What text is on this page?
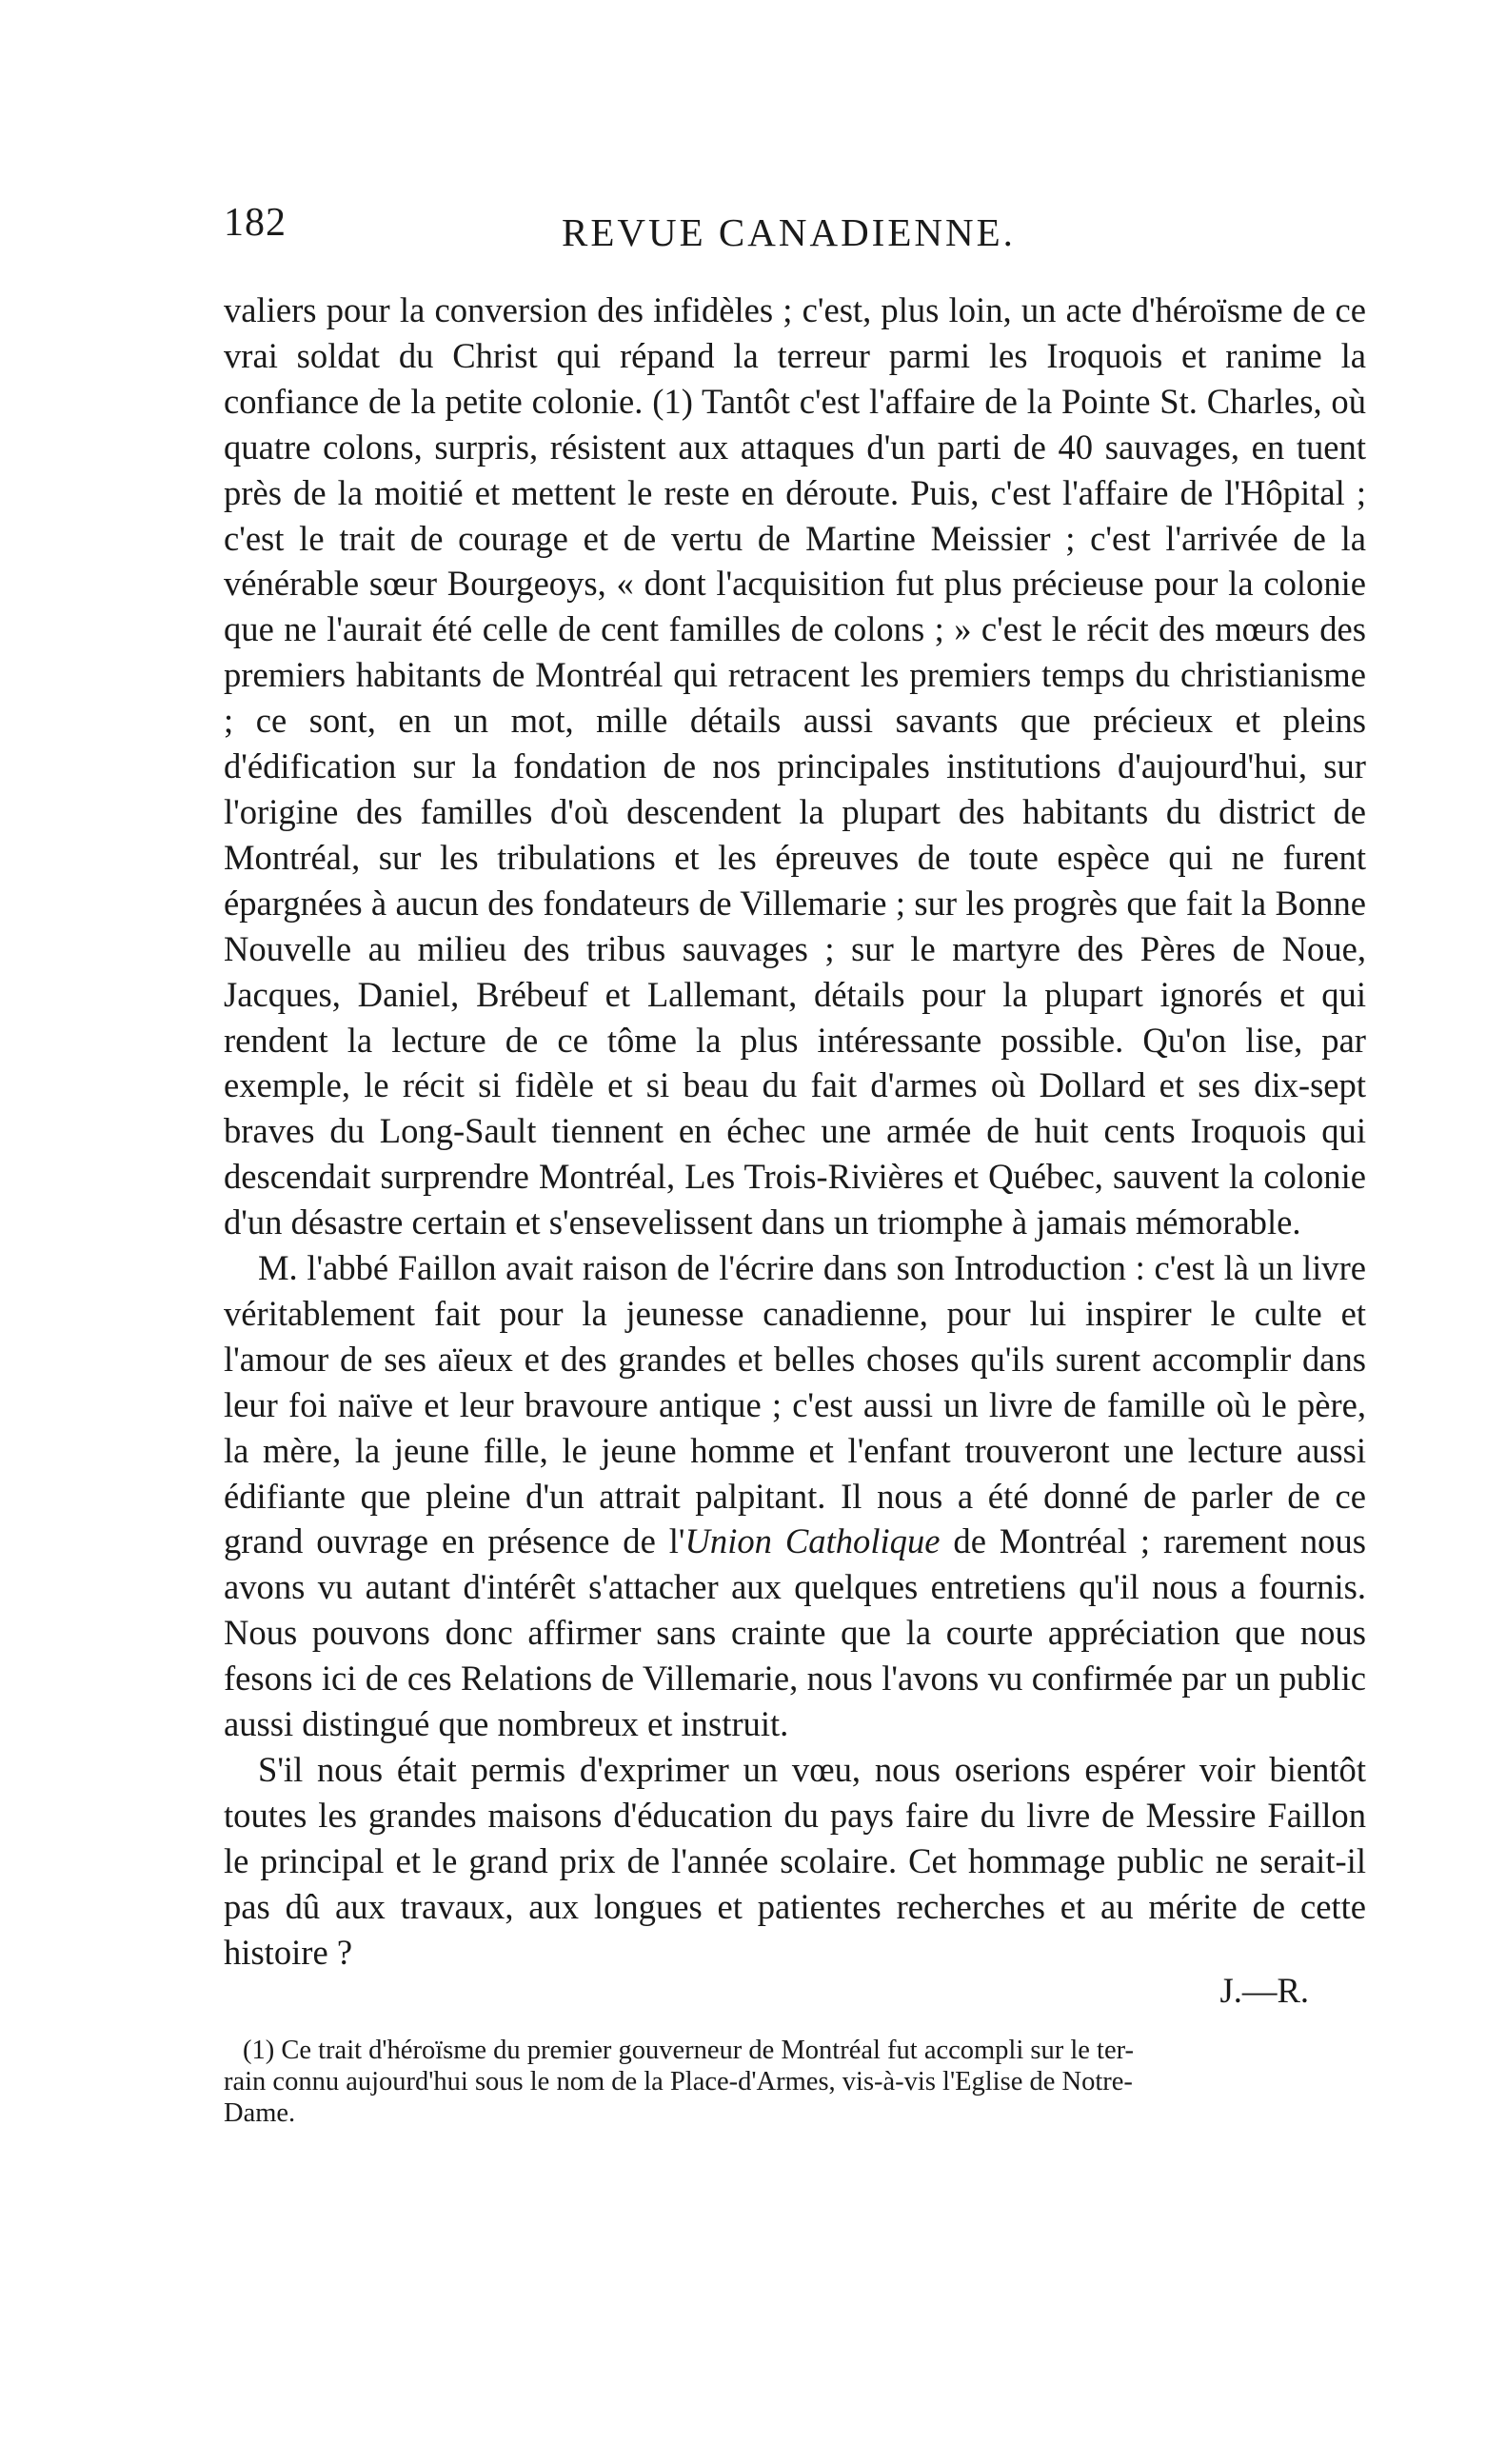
182	REVUE CANADIENNE.

valiers pour la conversion des infidèles ; c'est, plus loin, un acte d'héroïsme de ce vrai soldat du Christ qui répand la terreur parmi les Iroquois et ranime la confiance de la petite colonie. (1) Tantôt c'est l'affaire de la Pointe St. Charles, où quatre colons, surpris, résistent aux attaques d'un parti de 40 sauvages, en tuent près de la moitié et mettent le reste en déroute. Puis, c'est l'affaire de l'Hôpital ; c'est le trait de courage et de vertu de Martine Meissier ; c'est l'arrivée de la vénérable sœur Bourgeoys, « dont l'acquisition fut plus précieuse pour la colonie que ne l'aurait été celle de cent familles de colons ; » c'est le récit des mœurs des premiers habitants de Montréal qui retracent les premiers temps du christianisme ; ce sont, en un mot, mille détails aussi savants que précieux et pleins d'édification sur la fondation de nos principales institutions d'aujourd'hui, sur l'origine des familles d'où descendent la plupart des habitants du district de Montréal, sur les tribulations et les épreuves de toute espèce qui ne furent épargnées à aucun des fondateurs de Villemarie ; sur les progrès que fait la Bonne Nouvelle au milieu des tribus sauvages ; sur le martyre des Pères de Noue, Jacques, Daniel, Brébeuf et Lallemant, détails pour la plupart ignorés et qui rendent la lecture de ce tôme la plus intéressante possible. Qu'on lise, par exemple, le récit si fidèle et si beau du fait d'armes où Dollard et ses dix-sept braves du Long-Sault tiennent en échec une armée de huit cents Iroquois qui descendait surprendre Montréal, Les Trois-Rivières et Québec, sauvent la colonie d'un désastre certain et s'ensevelissent dans un triomphe à jamais mémorable.

M. l'abbé Faillon avait raison de l'écrire dans son Introduction : c'est là un livre véritablement fait pour la jeunesse canadienne, pour lui inspirer le culte et l'amour de ses aïeux et des grandes et belles choses qu'ils surent accomplir dans leur foi naïve et leur bravoure antique ; c'est aussi un livre de famille où le père, la mère, la jeune fille, le jeune homme et l'enfant trouveront une lecture aussi édifiante que pleine d'un attrait palpitant. Il nous a été donné de parler de ce grand ouvrage en présence de l'Union Catholique de Montréal ; rarement nous avons vu autant d'intérêt s'attacher aux quelques entretiens qu'il nous a fournis. Nous pouvons donc affirmer sans crainte que la courte appréciation que nous fesons ici de ces Relations de Villemarie, nous l'avons vu confirmée par un public aussi distingué que nombreux et instruit.

S'il nous était permis d'exprimer un vœu, nous oserions espérer voir bientôt toutes les grandes maisons d'éducation du pays faire du livre de Messire Faillon le principal et le grand prix de l'année scolaire. Cet hommage public ne serait-il pas dû aux travaux, aux longues et patientes recherches et au mérite de cette histoire ?

J.—R.
(1) Ce trait d'héroïsme du premier gouverneur de Montréal fut accompli sur le ter-
rain connu aujourd'hui sous le nom de la Place-d'Armes, vis-à-vis l'Eglise de Notre-
Dame.
